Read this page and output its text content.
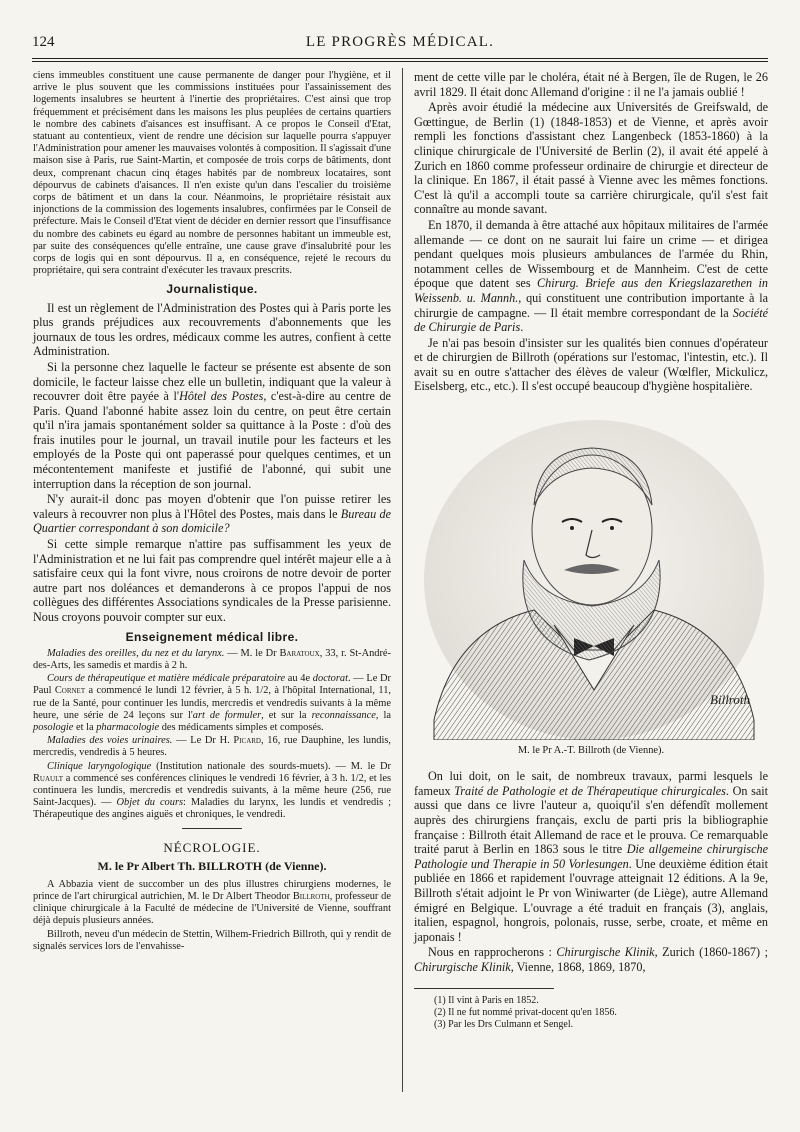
124	LE PROGRÈS MÉDICAL.

ciens immeubles constituent une cause permanente de danger pour l'hygiène, et il arrive le plus souvent que les commissions instituées pour l'assainissement des logements insalubres se heurtent à l'inertie des propriétaires. C'est ainsi que trop fréquemment et précisément dans les maisons les plus peuplées de certains quartiers le nombre des cabinets d'aisances est insuffisant. A ce propos le Conseil d'Etat, statuant au contentieux, vient de rendre une décision sur laquelle pourra s'appuyer l'Administration pour amener les mauvaises volontés à composition. Il s'agissait d'une maison sise à Paris, rue Saint-Martin, et composée de trois corps de bâtiments, dont deux, comprenant chacun cinq étages habités par de nombreux locataires, sont dépourvus de cabinets d'aisances. Il n'en existe qu'un dans l'escalier du troisième corps de bâtiment et un dans la cour. Néanmoins, le propriétaire résistait aux injonctions de la commission des logements insalubres, confirmées par le Conseil de préfecture. Mais le Conseil d'Etat vient de décider en dernier ressort que l'insuffisance du nombre des cabinets eu égard au nombre de personnes habitant un immeuble est, par suite des conséquences qu'elle entraîne, une cause grave d'insalubrité pour les corps de logis qui en sont dépourvus. Il a, en conséquence, rejeté le recours du propriétaire, qui sera contraint d'exécuter les travaux prescrits.

Journalistique.

Il est un règlement de l'Administration des Postes qui à Paris porte les plus grands préjudices aux recouvrements d'abonnements que les journaux de tous les ordres, médicaux comme les autres, confient à cette Administration.

Si la personne chez laquelle le facteur se présente est absente de son domicile, le facteur laisse chez elle un bulletin, indiquant que la valeur à recouvrer doit être payée à l'Hôtel des Postes, c'est-à-dire au centre de Paris. Quand l'abonné habite assez loin du centre, on peut être certain qu'il n'ira jamais spontanément solder sa quittance à la Poste : d'où des frais inutiles pour le journal, un travail inutile pour les facteurs et les employés de la Poste qui ont paperassé pour quelques centimes, et un mécontentement manifeste et justifié de l'abonné, qui subit une interruption dans la réception de son journal.

N'y aurait-il donc pas moyen d'obtenir que l'on puisse retirer les valeurs à recouvrer non plus à l'Hôtel des Postes, mais dans le Bureau de Quartier correspondant à son domicile?

Si cette simple remarque n'attire pas suffisamment les yeux de l'Administration et ne lui fait pas comprendre quel intérêt majeur elle a à satisfaire ceux qui la font vivre, nous croirons de notre devoir de porter autre part nos doléances et demanderons à ce propos l'appui de nos collègues des différentes Associations syndicales de la Presse parisienne. Nous croyons pouvoir compter sur eux.

Enseignement médical libre.

Maladies des oreilles, du nez et du larynx. — M. le Dr Baratoux, 33, r. St-André-des-Arts, les samedis et mardis à 2 h.

Cours de thérapeutique et matière médicale préparatoire au 4e doctorat. — Le Dr Paul Cornet a commencé le lundi 12 février, à 5 h. 1/2, à l'hôpital International, 11, rue de la Santé, pour continuer les lundis, mercredis et vendredis suivants à la même heure, une série de 24 leçons sur l'art de formuler, et sur la reconnaissance, la posologie et la pharmacologie des médicaments simples et composés.

Maladies des voies urinaires. — Le Dr H. Picard, 16, rue Dauphine, les lundis, mercredis, vendredis à 5 heures.

Clinique laryngologique (Institution nationale des sourds-muets). — M. le Dr Ruault a commencé ses conférences cliniques le vendredi 16 février, à 3 h. 1/2, et les continuera les lundis, mercredis et vendredis suivants, à la même heure (256, rue Saint-Jacques). — Objet du cours: Maladies du larynx, les lundis et vendredis ; Thérapeutique des angines aiguës et chroniques, le vendredi.

NÉCROLOGIE.
M. le Pr Albert Th. BILLROTH (de Vienne).

A Abbazia vient de succomber un des plus illustres chirurgiens modernes, le prince de l'art chirurgical autrichien, M. le Dr Albert Theodor Billroth, professeur de clinique chirurgicale à la Faculté de médecine de l'Université de Vienne, souffrant déjà depuis plusieurs années.

Billroth, neveu d'un médecin de Stettin, Wilhem-Friedrich Billroth, qui y rendit de signalés services lors de l'envahisse-

ment de cette ville par le choléra, était né à Bergen, île de Rugen, le 26 avril 1829. Il était donc Allemand d'origine : il ne l'a jamais oublié !

Après avoir étudié la médecine aux Universités de Greifswald, de Gœttingue, de Berlin (1) (1848-1853) et de Vienne, et après avoir rempli les fonctions d'assistant chez Langenbeck (1853-1860) à la clinique chirurgicale de l'Université de Berlin (2), il avait été appelé à Zurich en 1860 comme professeur ordinaire de chirurgie et directeur de la clinique. En 1867, il était passé à Vienne avec les mêmes fonctions. C'est là qu'il a accompli toute sa carrière chirurgicale, qu'il s'est fait connaître au monde savant.

En 1870, il demanda à être attaché aux hôpitaux militaires de l'armée allemande — ce dont on ne saurait lui faire un crime — et dirigea pendant quelques mois plusieurs ambulances de l'armée du Rhin, notamment celles de Wissembourg et de Mannheim. C'est de cette époque que datent ses Chirurg. Briefe aus den Kriegslazarethen in Weissenb. u. Mannh., qui constituent une contribution importante à la chirurgie de campagne. — Il était membre correspondant de la Société de Chirurgie de Paris.

Je n'ai pas besoin d'insister sur les qualités bien connues d'opérateur et de chirurgien de Billroth (opérations sur l'estomac, l'intestin, etc.). Il avait su en outre s'attacher des élèves de valeur (Wœlfler, Mickulicz, Eiselsberg, etc., etc.). Il s'est occupé beaucoup d'hygiène hospitalière.

Billroth
M. le Pr A.-T. Billroth (de Vienne).

On lui doit, on le sait, de nombreux travaux, parmi lesquels le fameux Traité de Pathologie et de Thérapeutique chirurgicales. On sait aussi que dans ce livre l'auteur a, quoiqu'il s'en défendît mollement auprès des chirurgiens français, exclu de parti pris la bibliographie française : Billroth était Allemand de race et le prouva. Ce remarquable traité parut à Berlin en 1863 sous le titre Die allgemeine chirurgische Pathologie und Therapie in 50 Vorlesungen. Une deuxième édition était publiée en 1866 et rapidement l'ouvrage atteignait 12 éditions. A la 9e, Billroth s'était adjoint le Pr von Winiwarter (de Liège), autre Allemand émigré en Belgique. L'ouvrage a été traduit en français (3), anglais, italien, espagnol, hongrois, polonais, russe, serbe, croate, et même en japonais !

Nous en rapprocherons : Chirurgische Klinik, Zurich (1860-1867) ; Chirurgische Klinik, Vienne, 1868, 1869, 1870,

(1) Il vint à Paris en 1852.

(2) Il ne fut nommé privat-docent qu'en 1856.

(3) Par les Drs Culmann et Sengel.
